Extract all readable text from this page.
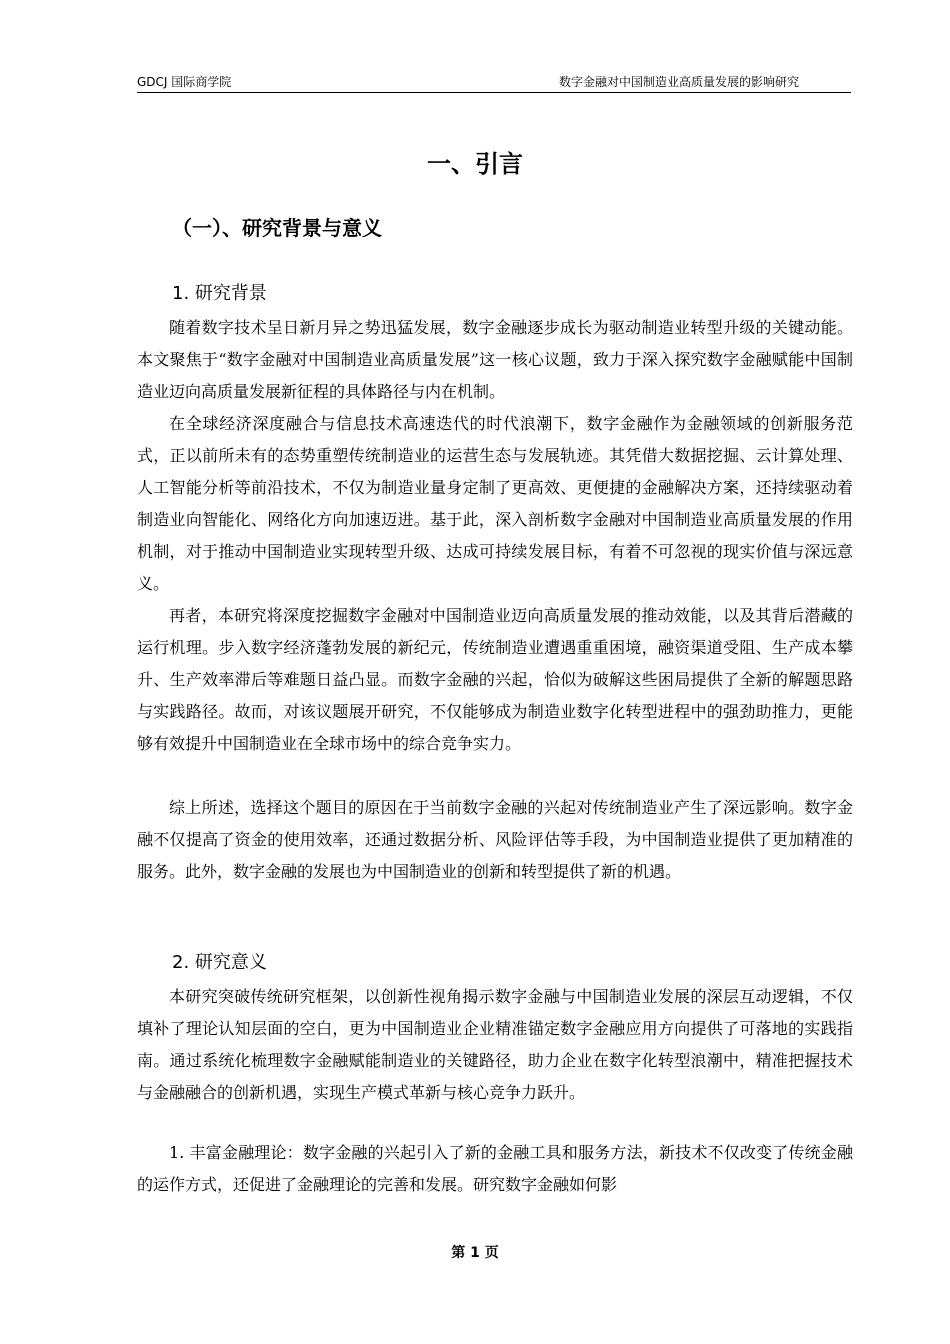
GDCJ 国际商学院	数字金融对中国制造业高质量发展的影响研究
一、引言
（一）、研究背景与意义
1. 研究背景

随着数字技术呈日新月异之势迅猛发展，数字金融逐步成长为驱动制造业转型升级的关键动能。本文聚焦于“数字金融对中国制造业高质量发展”这一核心议题，致力于深入探究数字金融赋能中国制造业迈向高质量发展新征程的具体路径与内在机制。

在全球经济深度融合与信息技术高速迭代的时代浪潮下，数字金融作为金融领域的创新服务范式，正以前所未有的态势重塑传统制造业的运营生态与发展轨迹。其凭借大数据挖掘、云计算处理、人工智能分析等前沿技术，不仅为制造业量身定制了更高效、更便捷的金融解决方案，还持续驱动着制造业向智能化、网络化方向加速迈进。基于此，深入剖析数字金融对中国制造业高质量发展的作用机制，对于推动中国制造业实现转型升级、达成可持续发展目标，有着不可忽视的现实价值与深远意义。

再者，本研究将深度挖掘数字金融对中国制造业迈向高质量发展的推动效能，以及其背后潜藏的运行机理。步入数字经济蓬勃发展的新纪元，传统制造业遭遇重重困境，融资渠道受阻、生产成本攀升、生产效率滞后等难题日益凸显。而数字金融的兴起，恰似为破解这些困局提供了全新的解题思路与实践路径。故而，对该议题展开研究，不仅能够成为制造业数字化转型进程中的强劲助推力，更能够有效提升中国制造业在全球市场中的综合竞争实力。

综上所述，选择这个题目的原因在于当前数字金融的兴起对传统制造业产生了深远影响。数字金融不仅提高了资金的使用效率，还通过数据分析、风险评估等手段，为中国制造业提供了更加精准的服务。此外，数字金融的发展也为中国制造业的创新和转型提供了新的机遇。

2. 研究意义

本研究突破传统研究框架，以创新性视角揭示数字金融与中国制造业发展的深层互动逻辑，不仅填补了理论认知层面的空白，更为中国制造业企业精准锚定数字金融应用方向提供了可落地的实践指南。通过系统化梳理数字金融赋能制造业的关键路径，助力企业在数字化转型浪潮中，精准把握技术与金融融合的创新机遇，实现生产模式革新与核心竞争力跃升。

1. 丰富金融理论：数字金融的兴起引入了新的金融工具和服务方法，新技术不仅改变了传统金融的运作方式，还促进了金融理论的完善和发展。研究数字金融如何影

第 1 页
